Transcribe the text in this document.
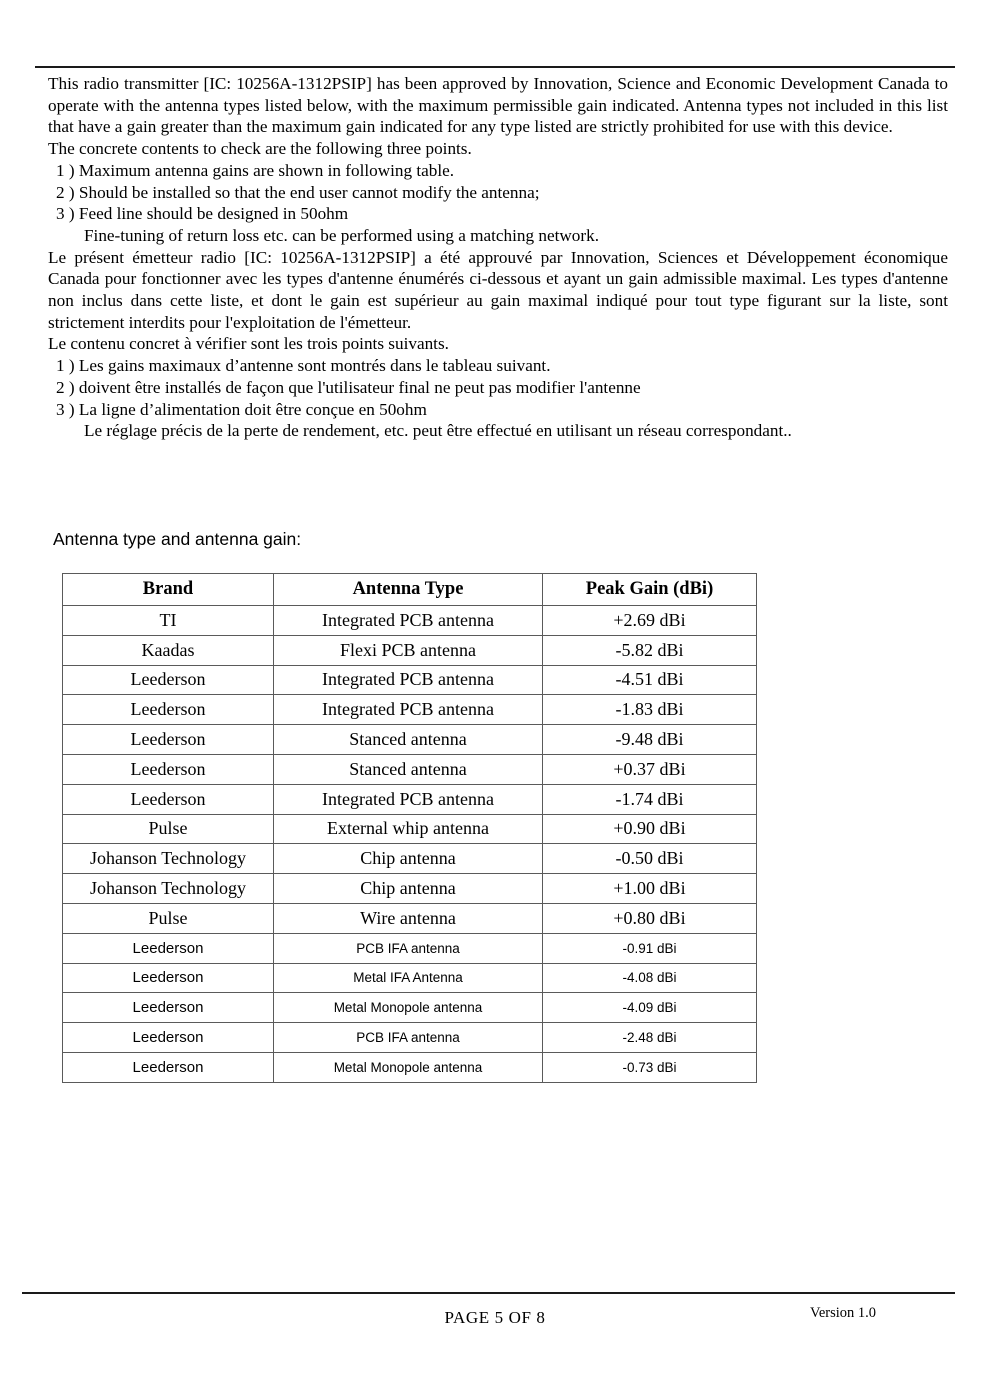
This radio transmitter [IC: 10256A-1312PSIP] has been approved by Innovation, Science and Economic Development Canada to operate with the antenna types listed below, with the maximum permissible gain indicated. Antenna types not included in this list that have a gain greater than the maximum gain indicated for any type listed are strictly prohibited for use with this device.

The concrete contents to check are the following three points.

1 ) Maximum antenna gains are shown in following table.

2 ) Should be installed so that the end user cannot modify the antenna;

3 ) Feed line should be designed in 50ohm

Fine-tuning of return loss etc. can be performed using a matching network.

Le présent émetteur radio [IC: 10256A-1312PSIP] a été approuvé par Innovation, Sciences et Développement économique Canada pour fonctionner avec les types d'antenne énumérés ci-dessous et ayant un gain admissible maximal. Les types d'antenne non inclus dans cette liste, et dont le gain est supérieur au gain maximal indiqué pour tout type figurant sur la liste, sont strictement interdits pour l'exploitation de l'émetteur.

Le contenu concret à vérifier sont les trois points suivants.

1 ) Les gains maximaux d’antenne sont montrés dans le tableau suivant.

2 ) doivent être installés de façon que l'utilisateur final ne peut pas modifier l'antenne

3 ) La ligne d’alimentation doit être conçue en 50ohm

Le réglage précis de la perte de rendement, etc. peut être effectué en utilisant un réseau correspondant..

Antenna type and antenna gain:
Brand	Antenna Type	Peak Gain (dBi)
TI	Integrated PCB antenna	+2.69 dBi
Kaadas	Flexi PCB antenna	-5.82 dBi
Leederson	Integrated PCB antenna	-4.51 dBi
Leederson	Integrated PCB antenna	-1.83 dBi
Leederson	Stanced antenna	-9.48 dBi
Leederson	Stanced antenna	+0.37 dBi
Leederson	Integrated PCB antenna	-1.74 dBi
Pulse	External whip antenna	+0.90 dBi
Johanson Technology	Chip antenna	-0.50 dBi
Johanson Technology	Chip antenna	+1.00 dBi
Pulse	Wire antenna	+0.80 dBi
Leederson	PCB IFA antenna	-0.91 dBi
Leederson	Metal IFA Antenna	-4.08 dBi
Leederson	Metal Monopole antenna	-4.09 dBi
Leederson	PCB IFA antenna	-2.48 dBi
Leederson	Metal Monopole antenna	-0.73 dBi
PAGE 5 OF 8	Version 1.0
